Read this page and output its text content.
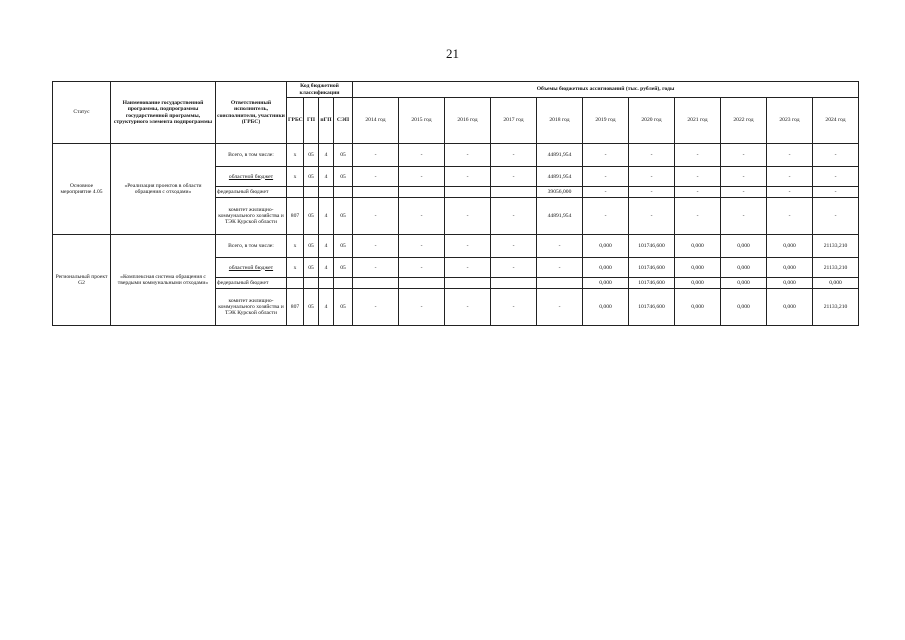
21
Статус	Наименование государственной программы, подпрограммы государственной программы, структурного элемента подпрограммы	Ответственный исполнитель, соисполнители, участники (ГРБС)	Код бюджетной классификации				Объемы бюджетных ассигнований (тыс. рублей), годы										
			ГРБС	ГП	пГП	СЭП	2014 год	2015 год	2016 год	2017 год	2018 год	2019 год	2020 год	2021 год	2022 год	2023 год	2024 год
Основное мероприятие 4.05	«Реализация проектов в области обращения с отходами»	Всего, в том числе:	х	05	4	05	-	-	-	-	44891,954	-	-	-	-	-	-
		областной бюджет	х	05	4	05	-	-	-	-	44891,954	-	-	-	-	-	-
		федеральный бюджет									39056,000	-	-	-	-	-	-
		комитет жилищно-коммунального хозяйства и ТЭК Курской области	807	05	4	05	-	-	-	-	44891,954	-	-	-	-	-	-
Региональный проект G2	«Комплексная система обращения с твердыми коммунальными отходами»	Всего, в том числе:	х	05	4	05	-	-	-	-	-	0,000	101746,600	0,000	0,000	0,000	21133,210
		областной бюджет	х	05	4	05	-	-	-	-	-	0,000	101746,600	0,000	0,000	0,000	21133,210
		федеральный бюджет										0,000	101746,600	0,000	0,000	0,000	0,000
		комитет жилищно-коммунального хозяйства и ТЭК Курской области	807	05	4	05	-	-	-	-	-	0,000	101746,600	0,000	0,000	0,000	21133,210
